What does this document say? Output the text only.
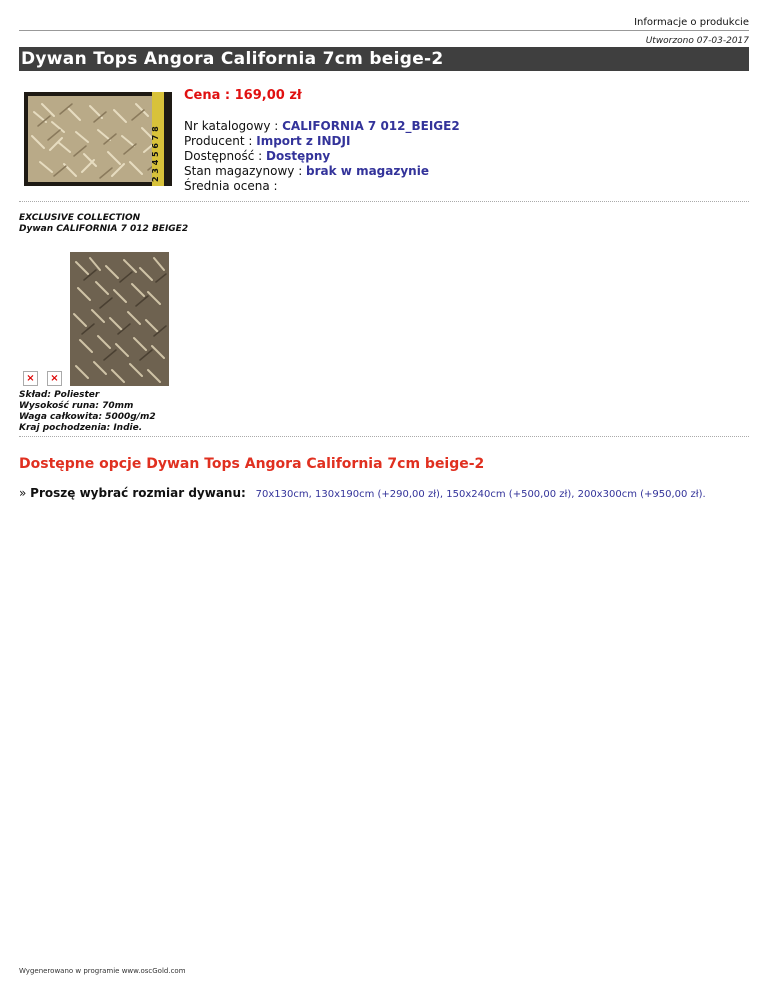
Informacje o produkcie
Utworzono 07-03-2017
Dywan Tops Angora California 7cm beige-2
2 3 4 5 6 7 8
Cena : 169,00 zł
Nr katalogowy : CALIFORNIA 7 012_BEIGE2
Producent : Import z INDJI
Dostępność : Dostępny
Stan magazynowy : brak w magazynie
Średnia ocena :
EXCLUSIVE COLLECTION
Dywan CALIFORNIA 7 012 BEIGE2
×	×
Skład: Poliester
Wysokość runa: 70mm
Waga całkowita: 5000g/m2
Kraj pochodzenia: Indie.
Dostępne opcje Dywan Tops Angora California 7cm beige-2
» Proszę wybrać rozmiar dywanu: 70x130cm, 130x190cm (+290,00 zł), 150x240cm (+500,00 zł), 200x300cm (+950,00 zł).
Wygenerowano w programie www.oscGold.com
